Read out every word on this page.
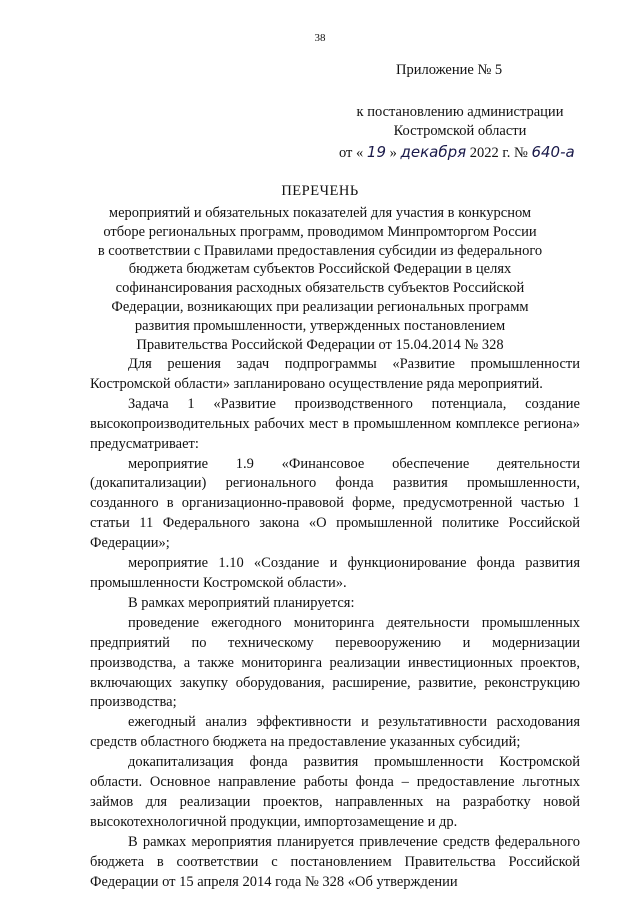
38
Приложение № 5
к постановлению администрации
Костромской области
от « 19 » декабря 2022 г. № 640-а
ПЕРЕЧЕНЬ
мероприятий и обязательных показателей для участия в конкурсном
отборе региональных программ, проводимом Минпромторгом России
в соответствии с Правилами предоставления субсидии из федерального
бюджета бюджетам субъектов Российской Федерации в целях
софинансирования расходных обязательств субъектов Российской
Федерации, возникающих при реализации региональных программ
развития промышленности, утвержденных постановлением
Правительства Российской Федерации от 15.04.2014 № 328

Для решения задач подпрограммы «Развитие промышленности Костромской области» запланировано осуществление ряда мероприятий.

Задача 1 «Развитие производственного потенциала, создание высокопроизводительных рабочих мест в промышленном комплексе региона» предусматривает:

мероприятие 1.9 «Финансовое обеспечение деятельности (докапитализации) регионального фонда развития промышленности, созданного в организационно-правовой форме, предусмотренной частью 1 статьи 11 Федерального закона «О промышленной политике Российской Федерации»;

мероприятие 1.10 «Создание и функционирование фонда развития промышленности Костромской области».

В рамках мероприятий планируется:

проведение ежегодного мониторинга деятельности промышленных предприятий по техническому перевооружению и модернизации производства, а также мониторинга реализации инвестиционных проектов, включающих закупку оборудования, расширение, развитие, реконструкцию производства;

ежегодный анализ эффективности и результативности расходования средств областного бюджета на предоставление указанных субсидий;

докапитализация фонда развития промышленности Костромской области. Основное направление работы фонда – предоставление льготных займов для реализации проектов, направленных на разработку новой высокотехнологичной продукции, импортозамещение и др.

В рамках мероприятия планируется привлечение средств федерального бюджета в соответствии с постановлением Правительства Российской Федерации от 15 апреля 2014 года № 328 «Об утверждении
